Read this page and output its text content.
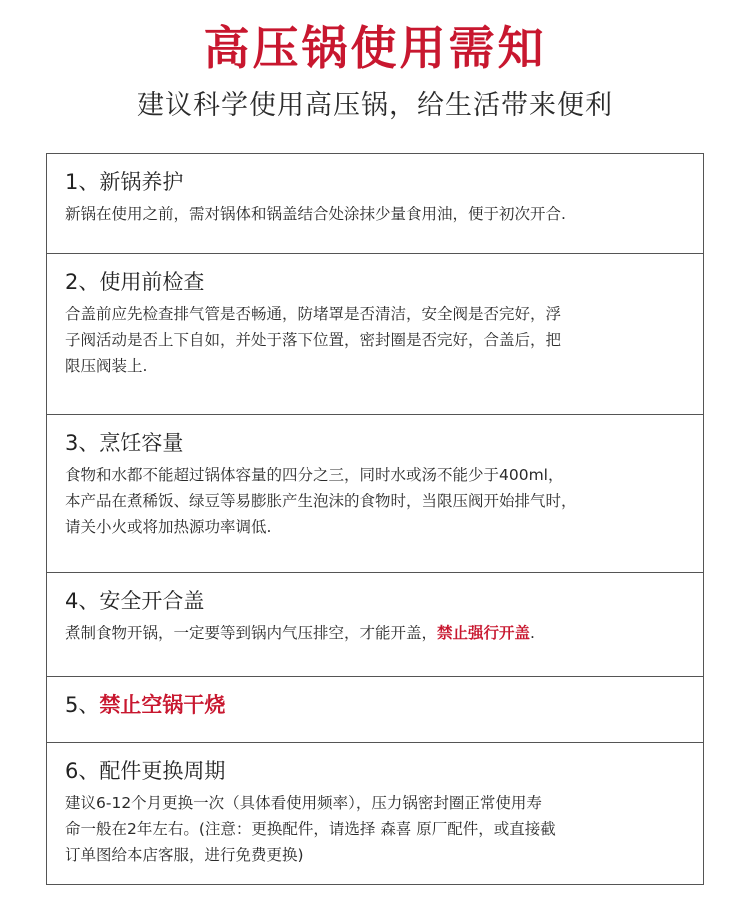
高压锅使用需知
建议科学使用高压锅，给生活带来便利
1、新锅养护
新锅在使用之前，需对锅体和锅盖结合处涂抹少量食用油，便于初次开合.
2、使用前检查
合盖前应先检查排气管是否畅通，防堵罩是否清洁，安全阀是否完好，浮
子阀活动是否上下自如，并处于落下位置，密封圈是否完好，合盖后，把
限压阀装上.
3、烹饪容量
食物和水都不能超过锅体容量的四分之三，同时水或汤不能少于400ml，
本产品在煮稀饭、绿豆等易膨胀产生泡沫的食物时，当限压阀开始排气时，
请关小火或将加热源功率调低.
4、安全开合盖
煮制食物开锅，一定要等到锅内气压排空，才能开盖，禁止强行开盖.
5、禁止空锅干烧
6、配件更换周期
建议6-12个月更换一次（具体看使用频率），压力锅密封圈正常使用寿
命一般在2年左右。(注意：更换配件，请选择 森喜 原厂配件，或直接截
订单图给本店客服，进行免费更换)
